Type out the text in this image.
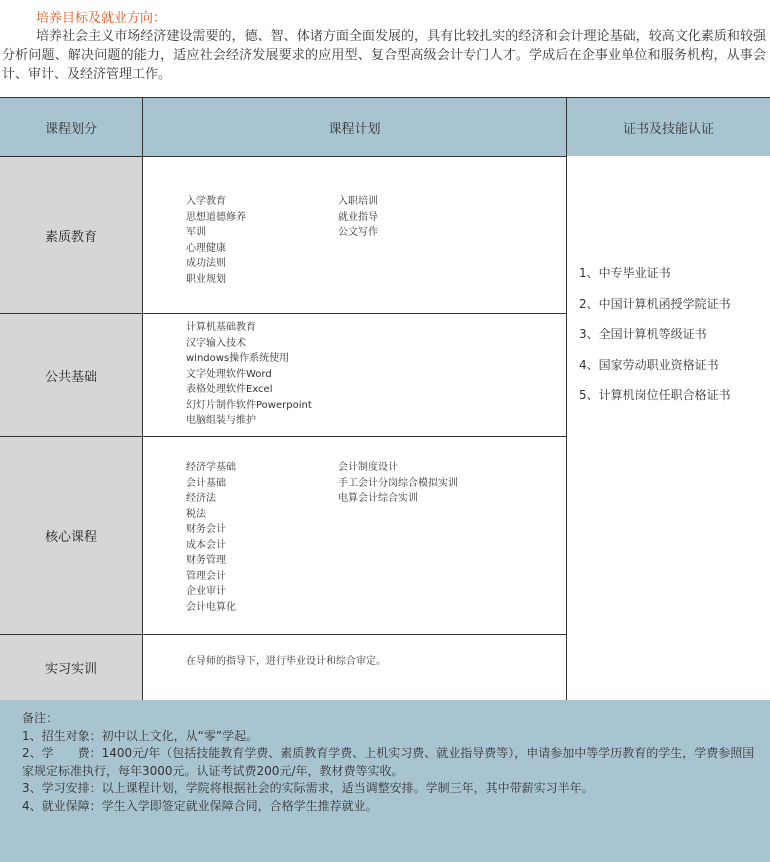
培养目标及就业方向：
培养社会主义市场经济建设需要的，德、智、体诸方面全面发展的，具有比较扎实的经济和会计理论基础，较高文化素质和较强分析问题、解决问题的能力，适应社会经济发展要求的应用型、复合型高级会计专门人才。学成后在企事业单位和服务机构，从事会计、审计、及经济管理工作。
课程划分	课程计划	证书及技能认证
素质教育
入学教育
思想道德修养
军训
心理健康
成功法则
职业规划
入职培训
就业指导
公文写作
公共基础
计算机基础教育
汉字输入技术
windows操作系统使用
文字处理软件Word
表格处理软件Excel
幻灯片制作软件Powerpoint
电脑组装与维护
核心课程
经济学基础
会计基础
经济法
税法
财务会计
成本会计
财务管理
管理会计
企业审计
会计电算化
会计制度设计
手工会计分岗综合模拟实训
电算会计综合实训
实习实训
在导师的指导下，进行毕业设计和综合审定。
1、中专毕业证书
2、中国计算机函授学院证书
3、全国计算机等级证书
4、国家劳动职业资格证书
5、计算机岗位任职合格证书
备注：
1、招生对象：初中以上文化，从“零”学起。
2、学　　费：1400元/年（包括技能教育学费、素质教育学费、上机实习费、就业指导费等），申请参加中等学历教育的学生，学费参照国家规定标准执行，每年3000元。认证考试费200元/年，教材费等实收。
3、学习安排：以上课程计划，学院将根据社会的实际需求，适当调整安排。学制三年，其中带薪实习半年。
4、就业保障：学生入学即签定就业保障合同，合格学生推荐就业。
